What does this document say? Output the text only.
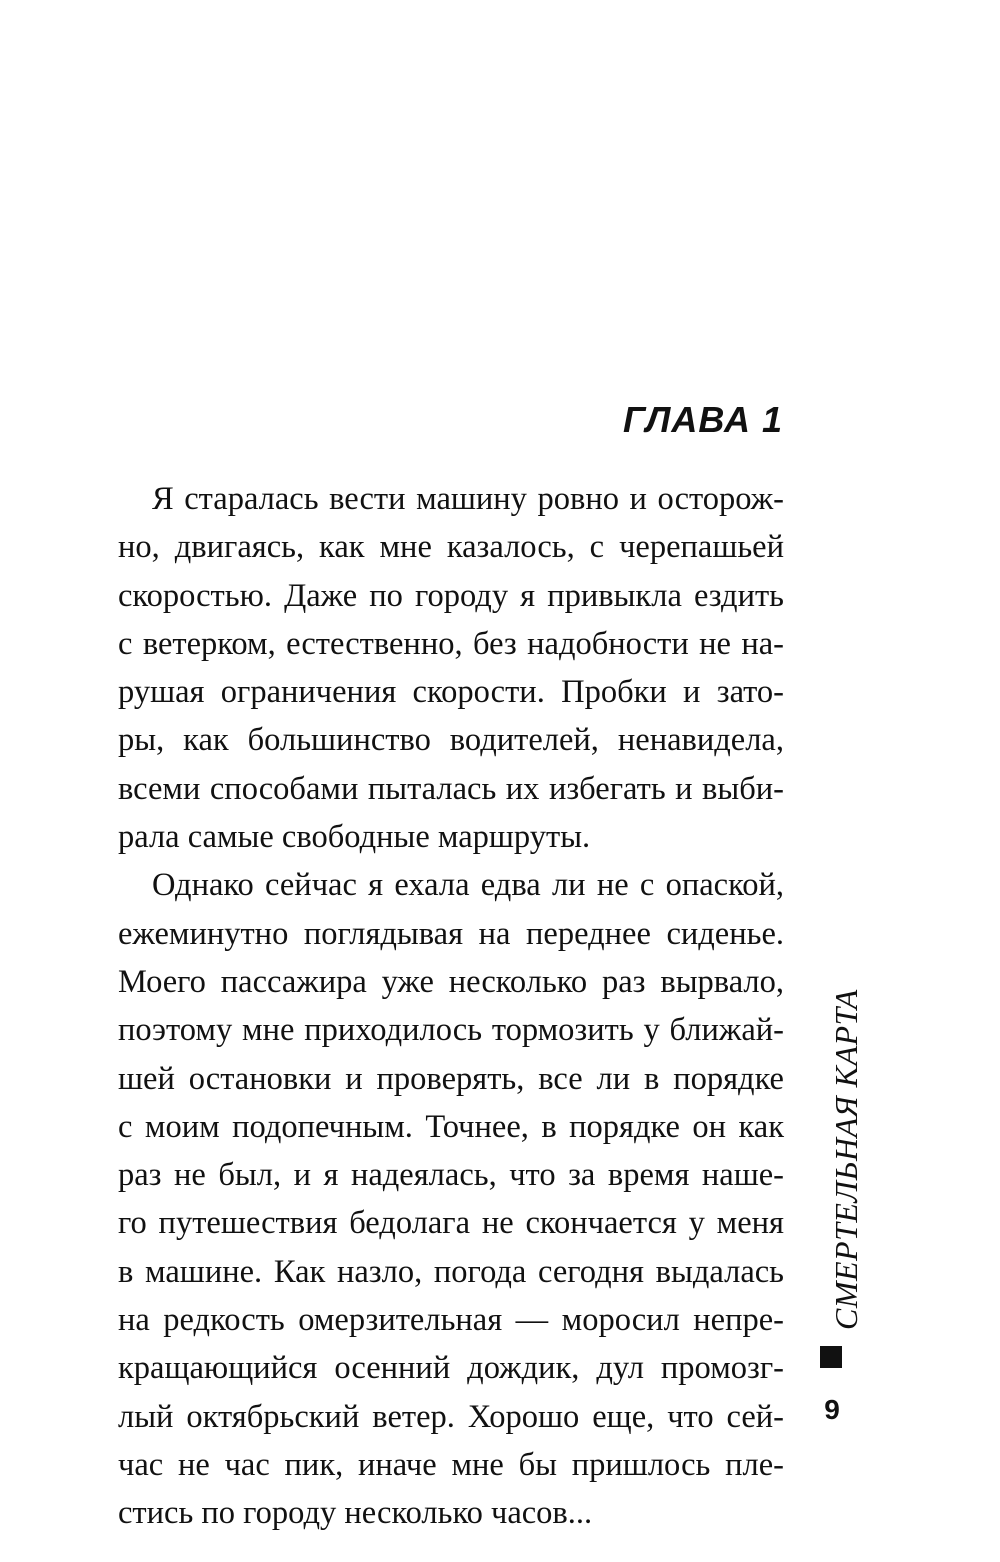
ГЛАВА 1
Я старалась вести машину ровно и осторож-
но, двигаясь, как мне казалось, с черепашьей
скоростью. Даже по городу я привыкла ездить
с ветерком, естественно, без надобности не на-
рушая ограничения скорости. Пробки и зато-
ры, как большинство водителей, ненавидела,
всеми способами пыталась их избегать и выби-
рала самые свободные маршруты.
Однако сейчас я ехала едва ли не с опаской,
ежеминутно поглядывая на переднее сиденье.
Моего пассажира уже несколько раз вырвало,
поэтому мне приходилось тормозить у ближай-
шей остановки и проверять, все ли в порядке
с моим подопечным. Точнее, в порядке он как
раз не был, и я надеялась, что за время наше-
го путешествия бедолага не скончается у меня
в машине. Как назло, погода сегодня выдалась
на редкость омерзительная — моросил непре-
кращающийся осенний дождик, дул промозг-
лый октябрьский ветер. Хорошо еще, что сей-
час не час пик, иначе мне бы пришлось пле-
стись по городу несколько часов...
СМЕРТЕЛЬНАЯ КАРТА
9
